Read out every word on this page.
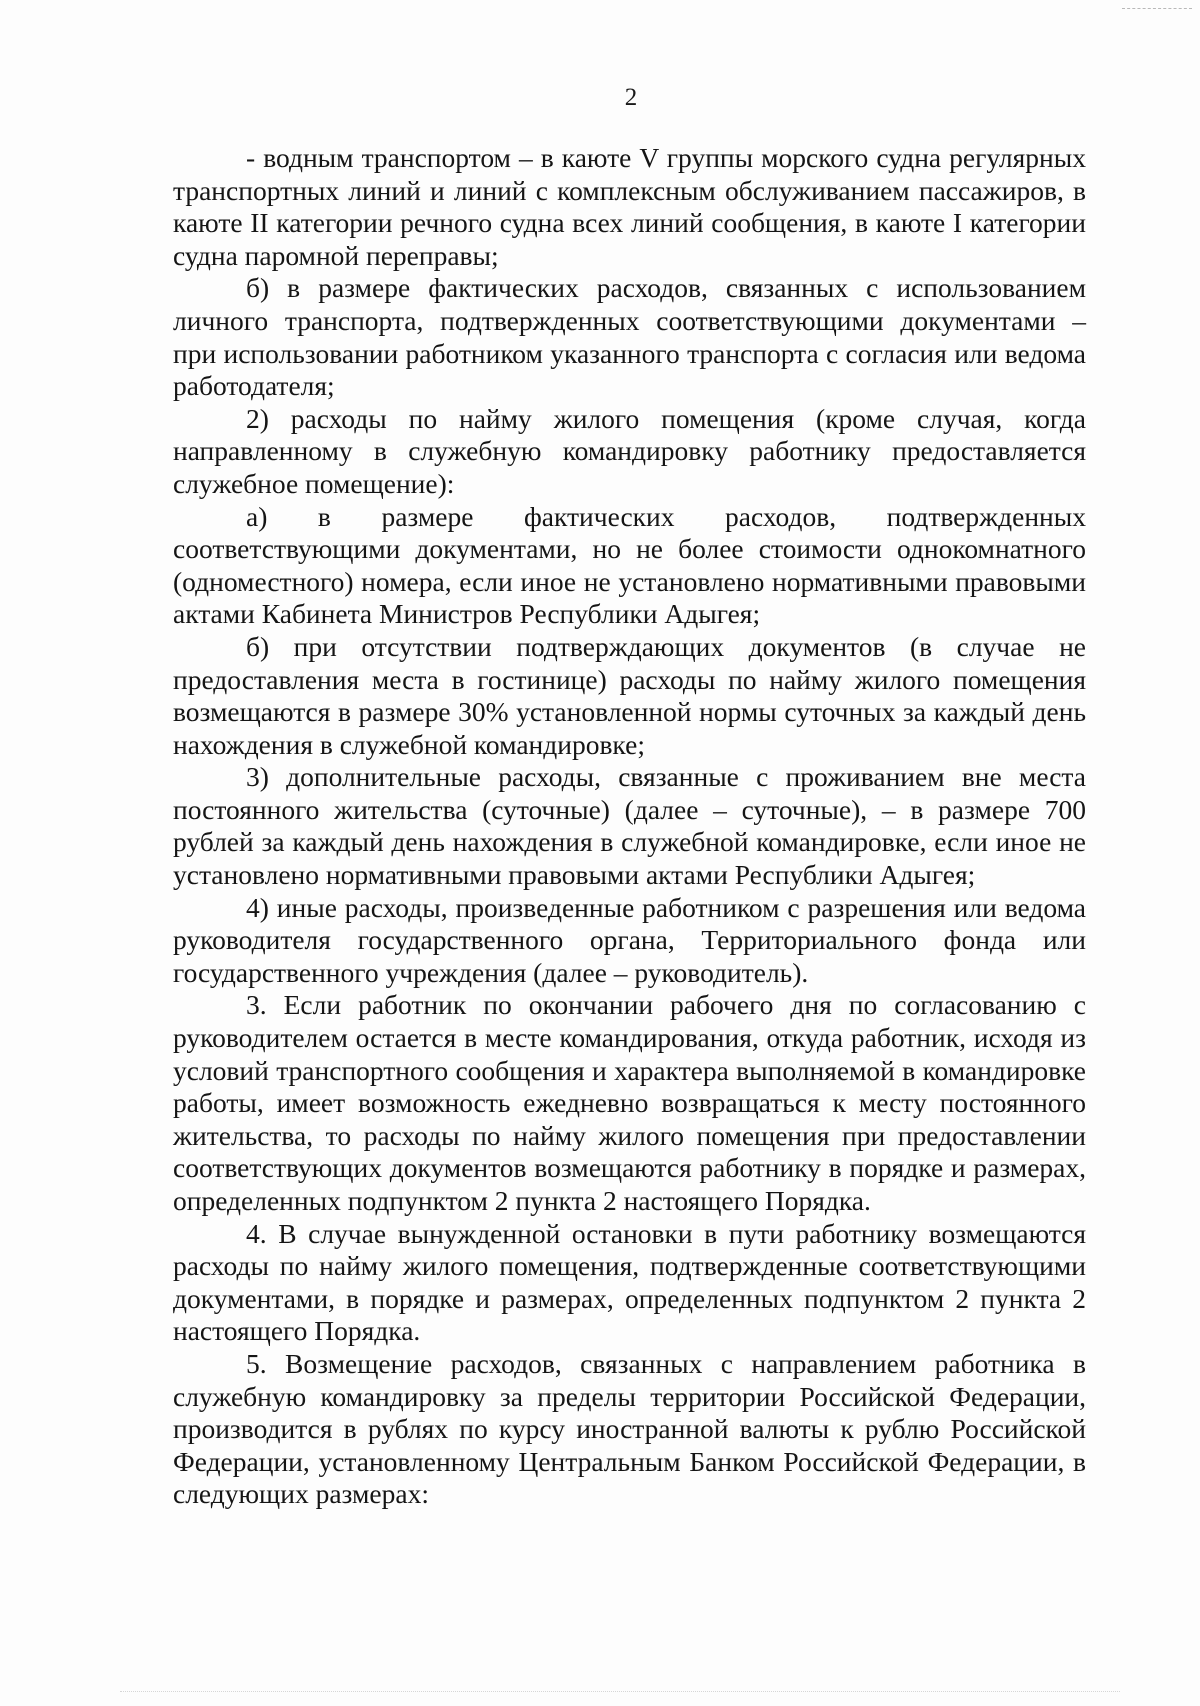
2

- водным транспортом – в каюте V группы морского судна регулярных транспортных линий и линий с комплексным обслуживанием пассажиров, в каюте II категории речного судна всех линий сообщения, в каюте I категории судна паромной переправы;

б) в размере фактических расходов, связанных с использованием личного транспорта, подтвержденных соответствующими документами – при использовании работником указанного транспорта с согласия или ведома работодателя;

2) расходы по найму жилого помещения (кроме случая, когда направленному в служебную командировку работнику предоставляется служебное помещение):

а) в размере фактических расходов, подтвержденных соответствующими документами, но не более стоимости однокомнатного (одноместного) номера, если иное не установлено нормативными правовыми актами Кабинета Министров Республики Адыгея;

б) при отсутствии подтверждающих документов (в случае не предоставления места в гостинице) расходы по найму жилого помещения возмещаются в размере 30% установленной нормы суточных за каждый день нахождения в служебной командировке;

3) дополнительные расходы, связанные с проживанием вне места постоянного жительства (суточные) (далее – суточные), – в размере 700 рублей за каждый день нахождения в служебной командировке, если иное не установлено нормативными правовыми актами Республики Адыгея;

4) иные расходы, произведенные работником с разрешения или ведома руководителя государственного органа, Территориального фонда или государственного учреждения (далее – руководитель).

3. Если работник по окончании рабочего дня по согласованию с руководителем остается в месте командирования, откуда работник, исходя из условий транспортного сообщения и характера выполняемой в командировке работы, имеет возможность ежедневно возвращаться к месту постоянного жительства, то расходы по найму жилого помещения при предоставлении соответствующих документов возмещаются работнику в порядке и размерах, определенных подпунктом 2 пункта 2 настоящего Порядка.

4. В случае вынужденной остановки в пути работнику возмещаются расходы по найму жилого помещения, подтвержденные соответствующими документами, в порядке и размерах, определенных подпунктом 2 пункта 2 настоящего Порядка.

5. Возмещение расходов, связанных с направлением работника в служебную командировку за пределы территории Российской Федерации, производится в рублях по курсу иностранной валюты к рублю Российской Федерации, установленному Центральным Банком Российской Федерации, в следующих размерах:
